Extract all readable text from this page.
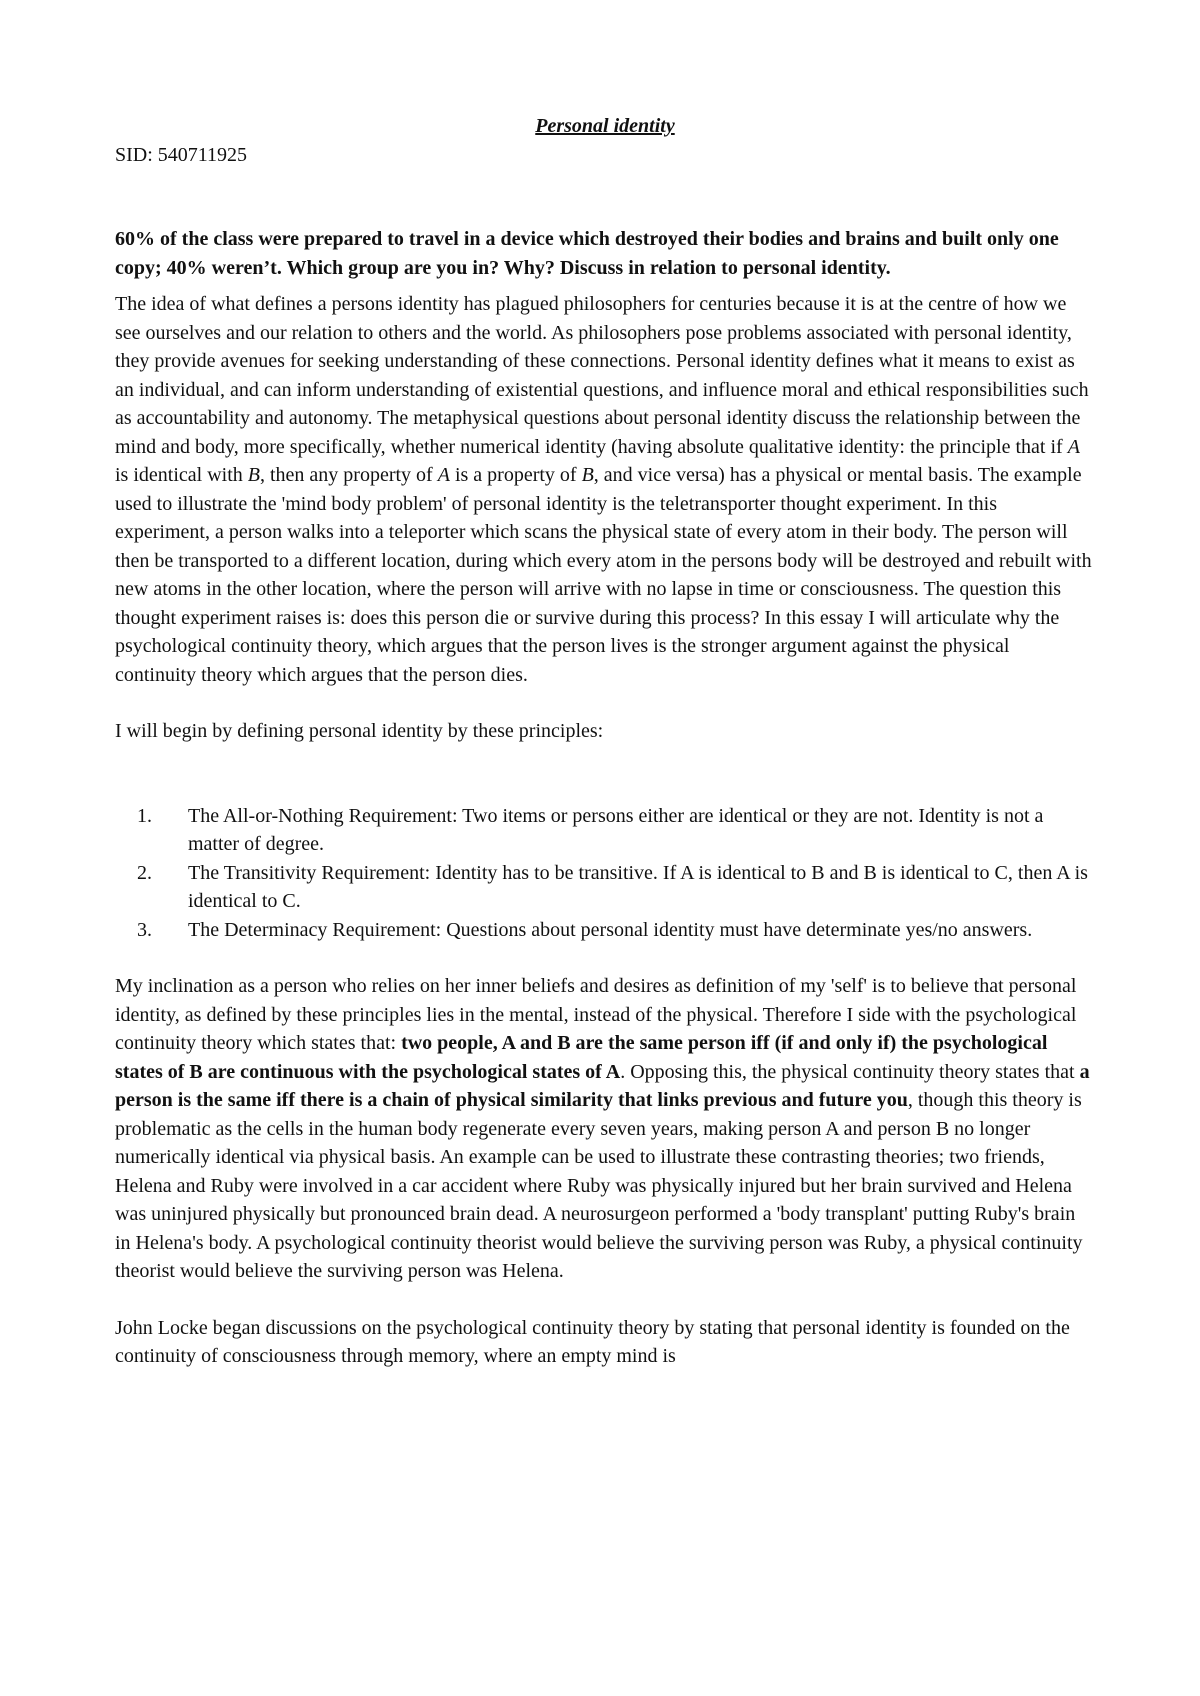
Personal identity

SID: 540711925

60% of the class were prepared to travel in a device which destroyed their bodies and brains and built only one copy; 40% weren’t. Which group are you in? Why? Discuss in relation to personal identity.

The idea of what defines a persons identity has plagued philosophers for centuries because it is at the centre of how we see ourselves and our relation to others and the world. As philosophers pose problems associated with personal identity, they provide avenues for seeking understanding of these connections. Personal identity defines what it means to exist as an individual, and can inform understanding of existential questions, and influence moral and ethical responsibilities such as accountability and autonomy. The metaphysical questions about personal identity discuss the relationship between the mind and body, more specifically, whether numerical identity (having absolute qualitative identity: the principle that if A is identical with B, then any property of A is a property of B, and vice versa) has a physical or mental basis. The example used to illustrate the 'mind body problem' of personal identity is the teletransporter thought experiment. In this experiment, a person walks into a teleporter which scans the physical state of every atom in their body. The person will then be transported to a different location, during which every atom in the persons body will be destroyed and rebuilt with new atoms in the other location, where the person will arrive with no lapse in time or consciousness. The question this thought experiment raises is: does this person die or survive during this process? In this essay I will articulate why the psychological continuity theory, which argues that the person lives is the stronger argument against the physical continuity theory which argues that the person dies.

I will begin by defining personal identity by these principles:

1. The All-or-Nothing Requirement: Two items or persons either are identical or they are not. Identity is not a matter of degree.
2. The Transitivity Requirement: Identity has to be transitive. If A is identical to B and B is identical to C, then A is identical to C.
3. The Determinacy Requirement: Questions about personal identity must have determinate yes/no answers.

My inclination as a person who relies on her inner beliefs and desires as definition of my 'self' is to believe that personal identity, as defined by these principles lies in the mental, instead of the physical. Therefore I side with the psychological continuity theory which states that: two people, A and B are the same person iff (if and only if) the psychological states of B are continuous with the psychological states of A. Opposing this, the physical continuity theory states that a person is the same iff there is a chain of physical similarity that links previous and future you, though this theory is problematic as the cells in the human body regenerate every seven years, making person A and person B no longer numerically identical via physical basis. An example can be used to illustrate these contrasting theories; two friends, Helena and Ruby were involved in a car accident where Ruby was physically injured but her brain survived and Helena was uninjured physically but pronounced brain dead. A neurosurgeon performed a 'body transplant' putting Ruby's brain in Helena's body. A psychological continuity theorist would believe the surviving person was Ruby, a physical continuity theorist would believe the surviving person was Helena.

John Locke began discussions on the psychological continuity theory by stating that personal identity is founded on the continuity of consciousness through memory, where an empty mind is
